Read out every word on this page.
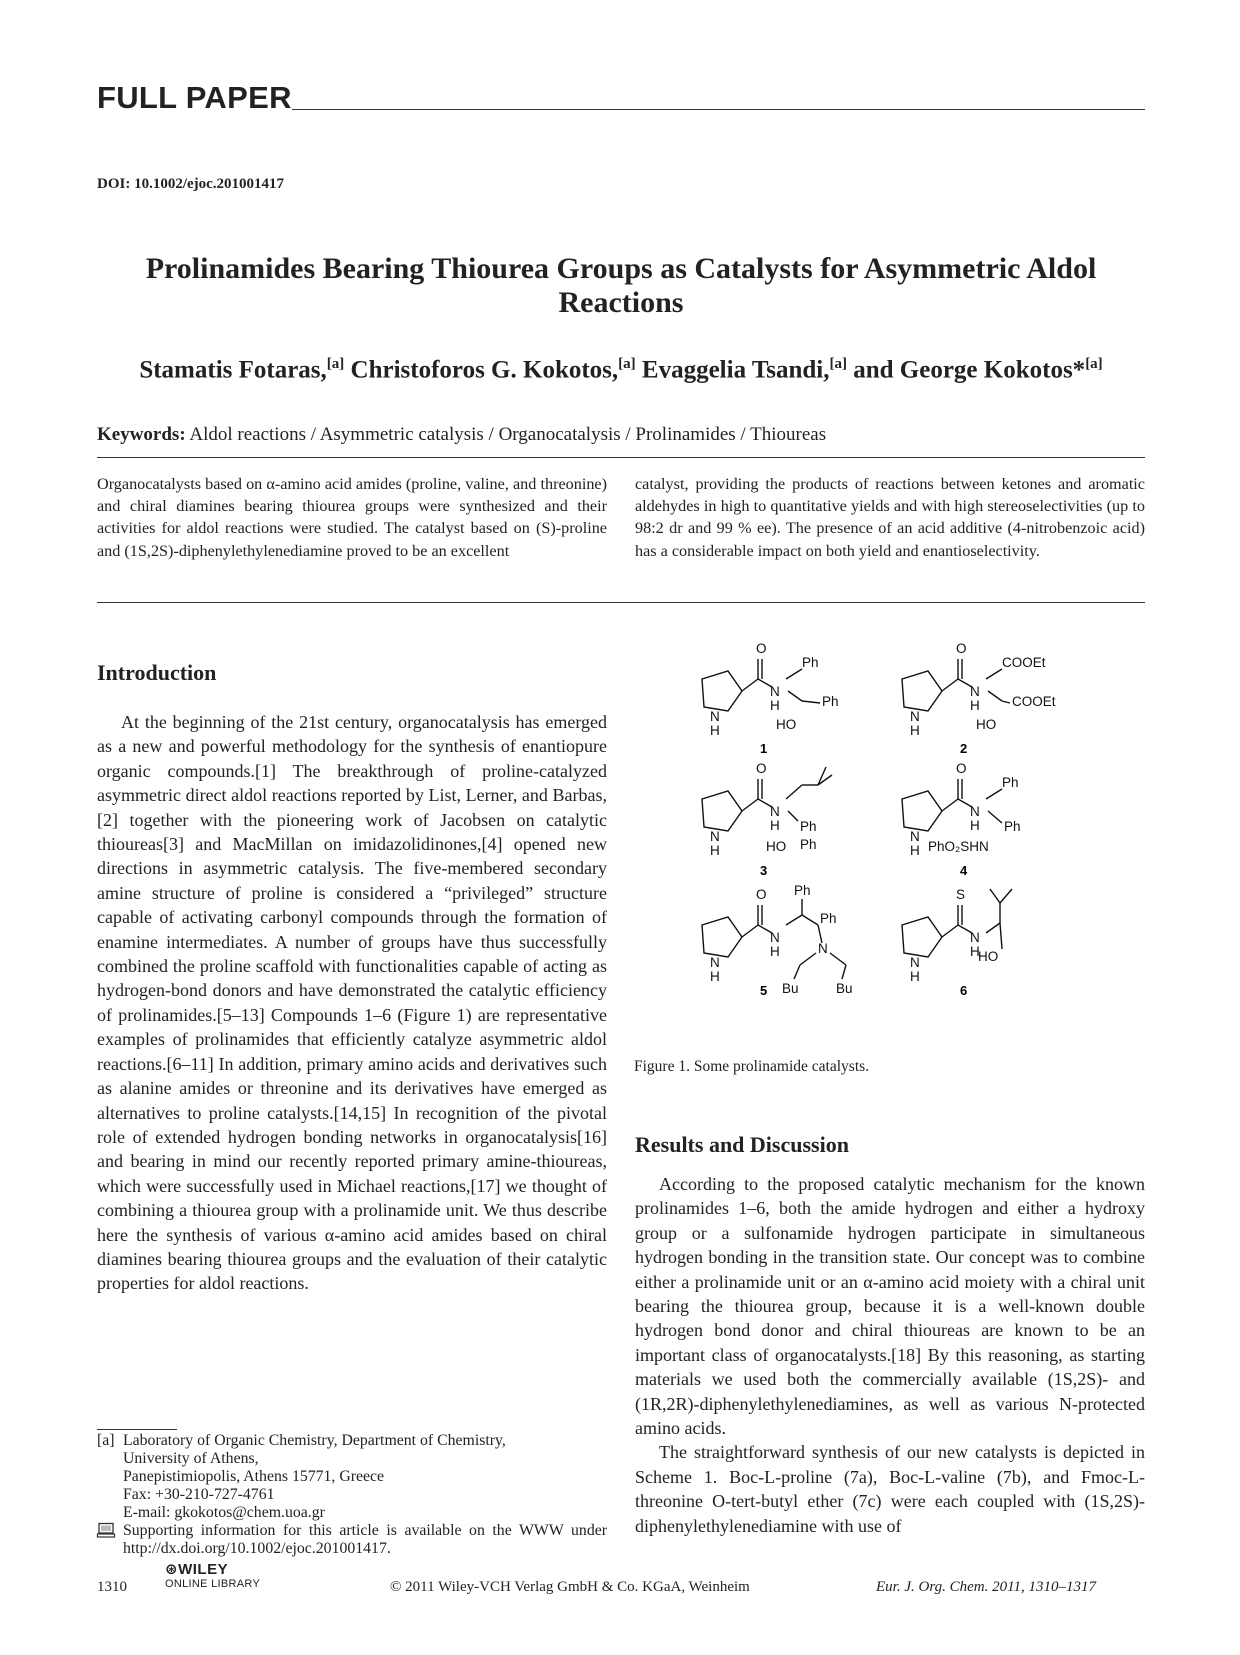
FULL PAPER
DOI: 10.1002/ejoc.201001417
Prolinamides Bearing Thiourea Groups as Catalysts for Asymmetric Aldol Reactions
Stamatis Fotaras,[a] Christoforos G. Kokotos,[a] Evaggelia Tsandi,[a] and George Kokotos*[a]
Keywords: Aldol reactions / Asymmetric catalysis / Organocatalysis / Prolinamides / Thioureas

Organocatalysts based on α-amino acid amides (proline, valine, and threonine) and chiral diamines bearing thiourea groups were synthesized and their activities for aldol reactions were studied. The catalyst based on (S)-proline and (1S,2S)-diphenylethylenediamine proved to be an excellent

catalyst, providing the products of reactions between ketones and aromatic aldehydes in high to quantitative yields and with high stereoselectivities (up to 98:2 dr and 99 % ee). The presence of an acid additive (4-nitrobenzoic acid) has a considerable impact on both yield and enantioselectivity.

Introduction

At the beginning of the 21st century, organocatalysis has emerged as a new and powerful methodology for the synthesis of enantiopure organic compounds.[1] The breakthrough of proline-catalyzed asymmetric direct aldol reactions reported by List, Lerner, and Barbas,[2] together with the pioneering work of Jacobsen on catalytic thioureas[3] and MacMillan on imidazolidinones,[4] opened new directions in asymmetric catalysis. The five-membered secondary amine structure of proline is considered a “privileged” structure capable of activating carbonyl compounds through the formation of enamine intermediates. A number of groups have thus successfully combined the proline scaffold with functionalities capable of acting as hydrogen-bond donors and have demonstrated the catalytic efficiency of prolinamides.[5–13] Compounds 1–6 (Figure 1) are representative examples of prolinamides that efficiently catalyze asymmetric aldol reactions.[6–11] In addition, primary amino acids and derivatives such as alanine amides or threonine and its derivatives have emerged as alternatives to proline catalysts.[14,15] In recognition of the pivotal role of extended hydrogen bonding networks in organocatalysis[16] and bearing in mind our recently reported primary amine-thioureas, which were successfully used in Michael reactions,[17] we thought of combining a thiourea group with a prolinamide unit. We thus describe here the synthesis of various α-amino acid amides based on chiral diamines bearing thiourea groups and the evaluation of their catalytic properties for aldol reactions.

[a] Laboratory of Organic Chemistry, Department of Chemistry,
University of Athens,
Panepistimiopolis, Athens 15771, Greece
Fax: +30-210-727-4761
E-mail: gkokotos@chem.uoa.gr
Supporting information for this article is available on the WWW under http://dx.doi.org/10.1002/ejoc.201001417.
O
N
H
N
H
Ph
Ph
HO
1
O
N
H
N
H
COOEt
COOEt
HO
2
O
N
H
N
H
Ph
Ph
HO
3
O
N
H
N
H
Ph
Ph
PhO₂SHN
4
O
N
H
N
H
Ph
Ph
N
Bu	Bu
5
S
N
H
N
H
HO
6
Figure 1. Some prolinamide catalysts.
Results and Discussion

According to the proposed catalytic mechanism for the known prolinamides 1–6, both the amide hydrogen and either a hydroxy group or a sulfonamide hydrogen participate in simultaneous hydrogen bonding in the transition state. Our concept was to combine either a prolinamide unit or an α-amino acid moiety with a chiral unit bearing the thiourea group, because it is a well-known double hydrogen bond donor and chiral thioureas are known to be an important class of organocatalysts.[18] By this reasoning, as starting materials we used both the commercially available (1S,2S)- and (1R,2R)-diphenylethylenediamines, as well as various N-protected amino acids.

The straightforward synthesis of our new catalysts is depicted in Scheme 1. Boc-L-proline (7a), Boc-L-valine (7b), and Fmoc-L-threonine O-tert-butyl ether (7c) were each coupled with (1S,2S)-diphenylethylenediamine with use of

1310
⊛WILEY
ONLINE LIBRARY	© 2011 Wiley-VCH Verlag GmbH & Co. KGaA, Weinheim	Eur. J. Org. Chem. 2011, 1310–1317
